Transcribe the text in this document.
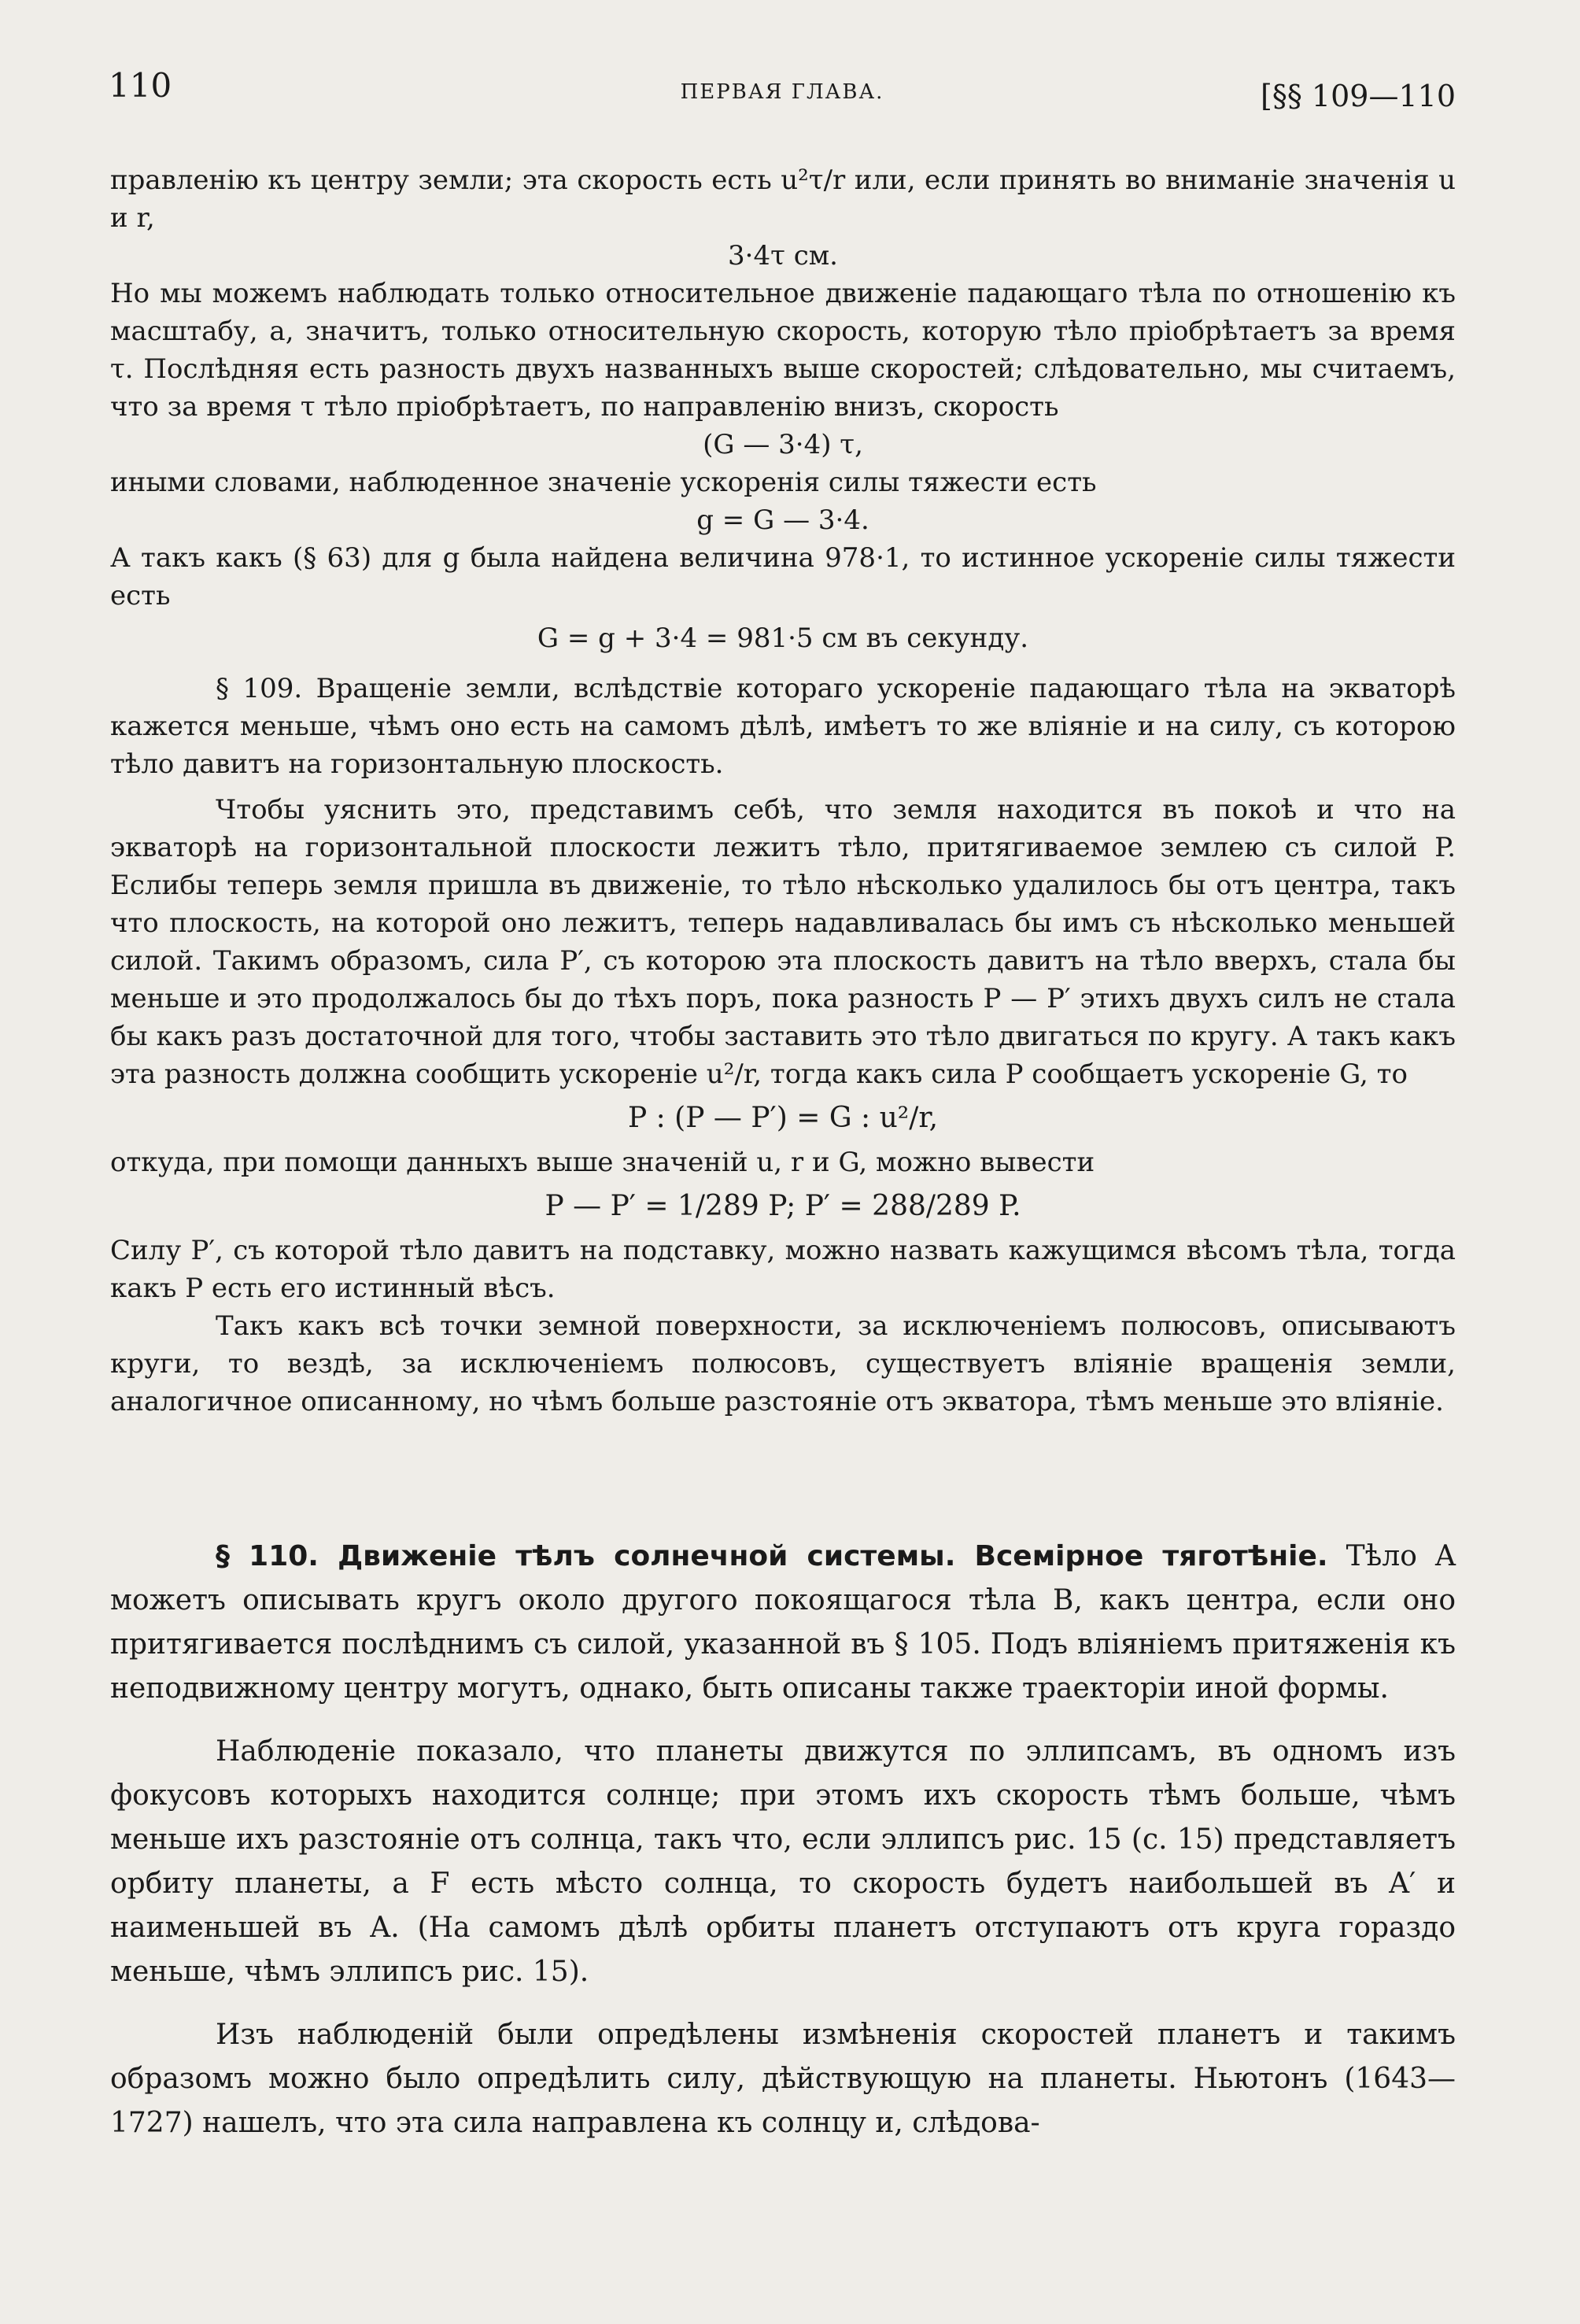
110	ПЕРВАЯ ГЛАВА.	[§§ 109—110

правленію къ центру земли; эта скорость есть u²τ/r или, если принять во вниманіе значенія u и r,

3·4τ см.

Но мы можемъ наблюдать только относительное движеніе падающаго тѣла по отношенію къ масштабу, а, значитъ, только относительную скорость, которую тѣло пріобрѣтаетъ за время τ. Послѣдняя есть разность двухъ названныхъ выше скоростей; слѣдовательно, мы считаемъ, что за время τ тѣло пріобрѣтаетъ, по направленію внизъ, скорость

(G — 3·4) τ,

иными словами, наблюденное значеніе ускоренія силы тяжести есть

g = G — 3·4.

А такъ какъ (§ 63) для g была найдена величина 978·1, то истинное ускореніе силы тяжести есть

G = g + 3·4 = 981·5 см въ секунду.

§ 109. Вращеніе земли, вслѣдствіе котораго ускореніе падающаго тѣла на экваторѣ кажется меньше, чѣмъ оно есть на самомъ дѣлѣ, имѣетъ то же вліяніе и на силу, съ которою тѣло давитъ на горизонтальную плоскость.

Чтобы уяснить это, представимъ себѣ, что земля находится въ покоѣ и что на экваторѣ на горизонтальной плоскости лежитъ тѣло, притягиваемое землею съ силой P. Еслибы теперь земля пришла въ движеніе, то тѣло нѣсколько удалилось бы отъ центра, такъ что плоскость, на которой оно лежитъ, теперь надавливалась бы имъ съ нѣсколько меньшей силой. Такимъ образомъ, сила P′, съ которою эта плоскость давитъ на тѣло вверхъ, стала бы меньше и это продолжалось бы до тѣхъ поръ, пока разность P — P′ этихъ двухъ силъ не стала бы какъ разъ достаточной для того, чтобы заставить это тѣло двигаться по кругу. А такъ какъ эта разность должна сообщить ускореніе u²/r, тогда какъ сила P сообщаетъ ускореніе G, то

P : (P — P′) = G : u²/r,

откуда, при помощи данныхъ выше значеній u, r и G, можно вывести

P — P′ = 1/289 P; P′ = 288/289 P.

Силу P′, съ которой тѣло давитъ на подставку, можно назвать кажущимся вѣсомъ тѣла, тогда какъ P есть его истинный вѣсъ.

Такъ какъ всѣ точки земной поверхности, за исключеніемъ полюсовъ, описываютъ круги, то вездѣ, за исключеніемъ полюсовъ, существуетъ вліяніе вращенія земли, аналогичное описанному, но чѣмъ больше разстояніе отъ экватора, тѣмъ меньше это вліяніе.

§ 110. Движеніе тѣлъ солнечной системы. Всемірное тяготѣніе. Тѣло A можетъ описывать кругъ около другого покоящагося тѣла B, какъ центра, если оно притягивается послѣднимъ съ силой, указанной въ § 105. Подъ вліяніемъ притяженія къ неподвижному центру могутъ, однако, быть описаны также траекторіи иной формы.

Наблюденіе показало, что планеты движутся по эллипсамъ, въ одномъ изъ фокусовъ которыхъ находится солнце; при этомъ ихъ скорость тѣмъ больше, чѣмъ меньше ихъ разстояніе отъ солнца, такъ что, если эллипсъ рис. 15 (с. 15) представляетъ орбиту планеты, а F есть мѣсто солнца, то скорость будетъ наибольшей въ A′ и наименьшей въ A. (На самомъ дѣлѣ орбиты планетъ отступаютъ отъ круга гораздо меньше, чѣмъ эллипсъ рис. 15).

Изъ наблюденій были опредѣлены измѣненія скоростей планетъ и такимъ образомъ можно было опредѣлить силу, дѣйствующую на планеты. Ньютонъ (1643—1727) нашелъ, что эта сила направлена къ солнцу и, слѣдова-
